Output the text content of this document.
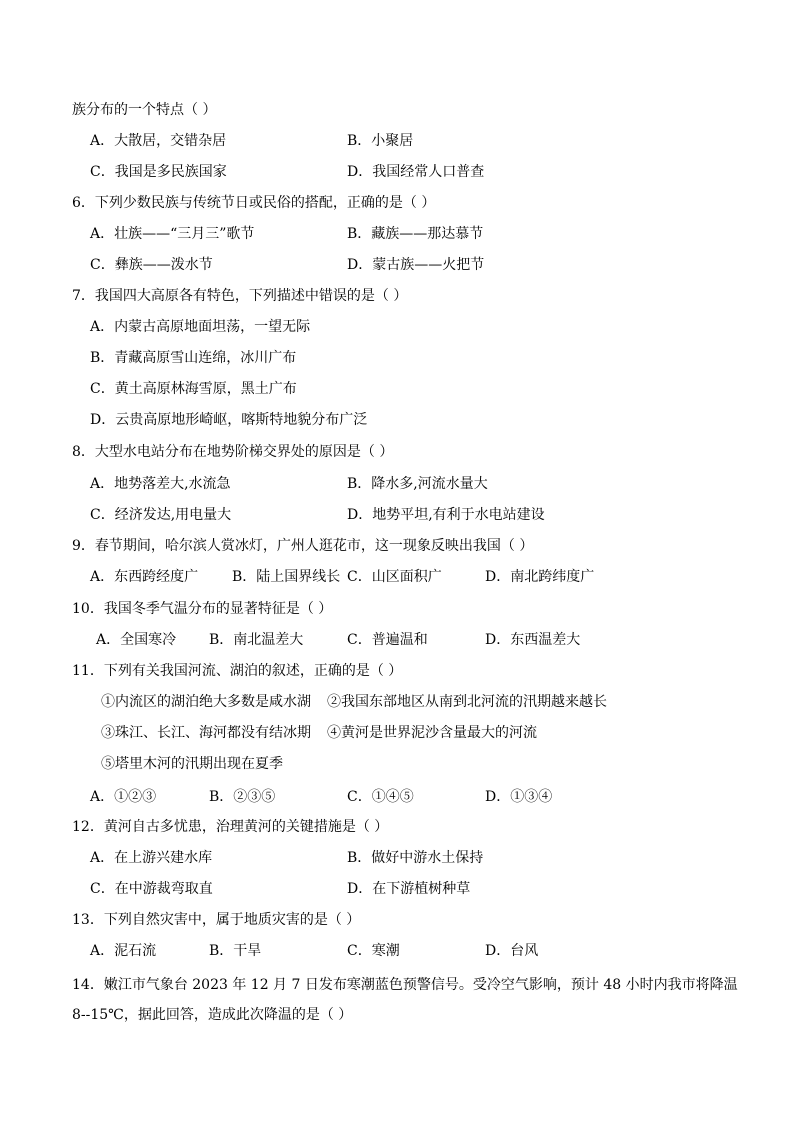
族分布的一个特点（ ）
A．大散居，交错杂居	B．小聚居
C．我国是多民族国家	D．我国经常人口普查
6．下列少数民族与传统节日或民俗的搭配，正确的是（ ）
A．壮族——“三月三”歌节	B．藏族——那达慕节
C．彝族——泼水节	D．蒙古族——火把节
7．我国四大高原各有特色，下列描述中错误的是（ ）
A．内蒙古高原地面坦荡，一望无际
B．青藏高原雪山连绵，冰川广布
C．黄土高原林海雪原，黑土广布
D．云贵高原地形崎岖，喀斯特地貌分布广泛
8．大型水电站分布在地势阶梯交界处的原因是（ ）
A．地势落差大,水流急	B．降水多,河流水量大
C．经济发达,用电量大	D．地势平坦,有利于水电站建设
9．春节期间，哈尔滨人赏冰灯，广州人逛花市，这一现象反映出我国（ ）
A．东西跨经度广 B．陆上国界线长 C．山区面积广	D．南北跨纬度广
10．我国冬季气温分布的显著特征是（ ）
A．全国寒冷 B．南北温差大	C．普遍温和	D．东西温差大
11．下列有关我国河流、湖泊的叙述，正确的是（ ）
①内流区的湖泊绝大多数是咸水湖 ②我国东部地区从南到北河流的汛期越来越长
③珠江、长江、海河都没有结冰期 ④黄河是世界泥沙含量最大的河流
⑤塔里木河的汛期出现在夏季
A．①②③	B．②③⑤	C．①④⑤	D．①③④
12．黄河自古多忧患，治理黄河的关键措施是（ ）
A．在上游兴建水库	B．做好中游水土保持
C．在中游裁弯取直	D．在下游植树种草
13．下列自然灾害中，属于地质灾害的是（ ）
A．泥石流	B．干旱	C．寒潮	D．台风
14．嫩江市气象台 2023 年 12 月 7 日发布寒潮蓝色预警信号。受冷空气影响，预计 48 小时内我市将降温
8--15℃，据此回答，造成此次降温的是（ ）
